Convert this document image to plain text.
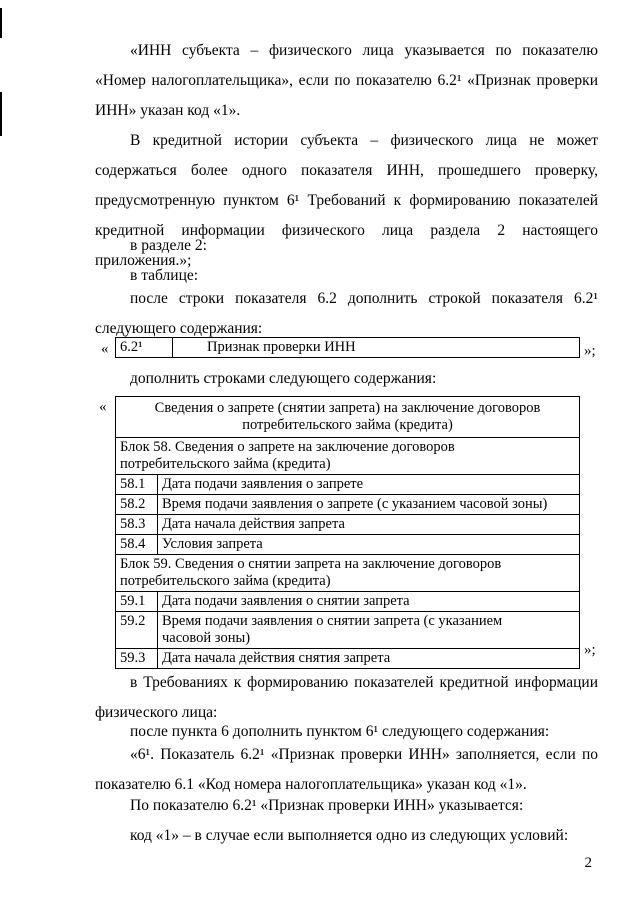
«ИНН субъекта – физического лица указывается по показателю «Номер налогоплательщика», если по показателю 6.2¹ «Признак проверки ИНН» указан код «1».
В кредитной истории субъекта – физического лица не может содержаться более одного показателя ИНН, прошедшего проверку, предусмотренную пунктом 6¹ Требований к формированию показателей кредитной информации физического лица раздела 2 настоящего приложения.»;
в разделе 2:
в таблице:
после строки показателя 6.2 дополнить строкой показателя 6.2¹ следующего содержания:
« 6.2¹	Признак проверки ИНН	»;
дополнить строками следующего содержания:
«	Сведения о запрете (снятии запрета) на заключение договоров потребительского займа (кредита)	
Блок 58. Сведения о запрете на заключение договоров потребительского займа (кредита)	
58.1	Дата подачи заявления о запрете
58.2	Время подачи заявления о запрете (с указанием часовой зоны)
58.3	Дата начала действия запрета
58.4	Условия запрета
Блок 59. Сведения о снятии запрета на заключение договоров потребительского займа (кредита)	
59.1	Дата подачи заявления о снятии запрета
59.2	Время подачи заявления о снятии запрета (с указанием часовой зоны)
59.3	Дата начала действия снятия запрета	»;
в Требованиях к формированию показателей кредитной информации физического лица:
после пункта 6 дополнить пунктом 6¹ следующего содержания:
«6¹. Показатель 6.2¹ «Признак проверки ИНН» заполняется, если по показателю 6.1 «Код номера налогоплательщика» указан код «1».
По показателю 6.2¹ «Признак проверки ИНН» указывается:
код «1» – в случае если выполняется одно из следующих условий:
2
